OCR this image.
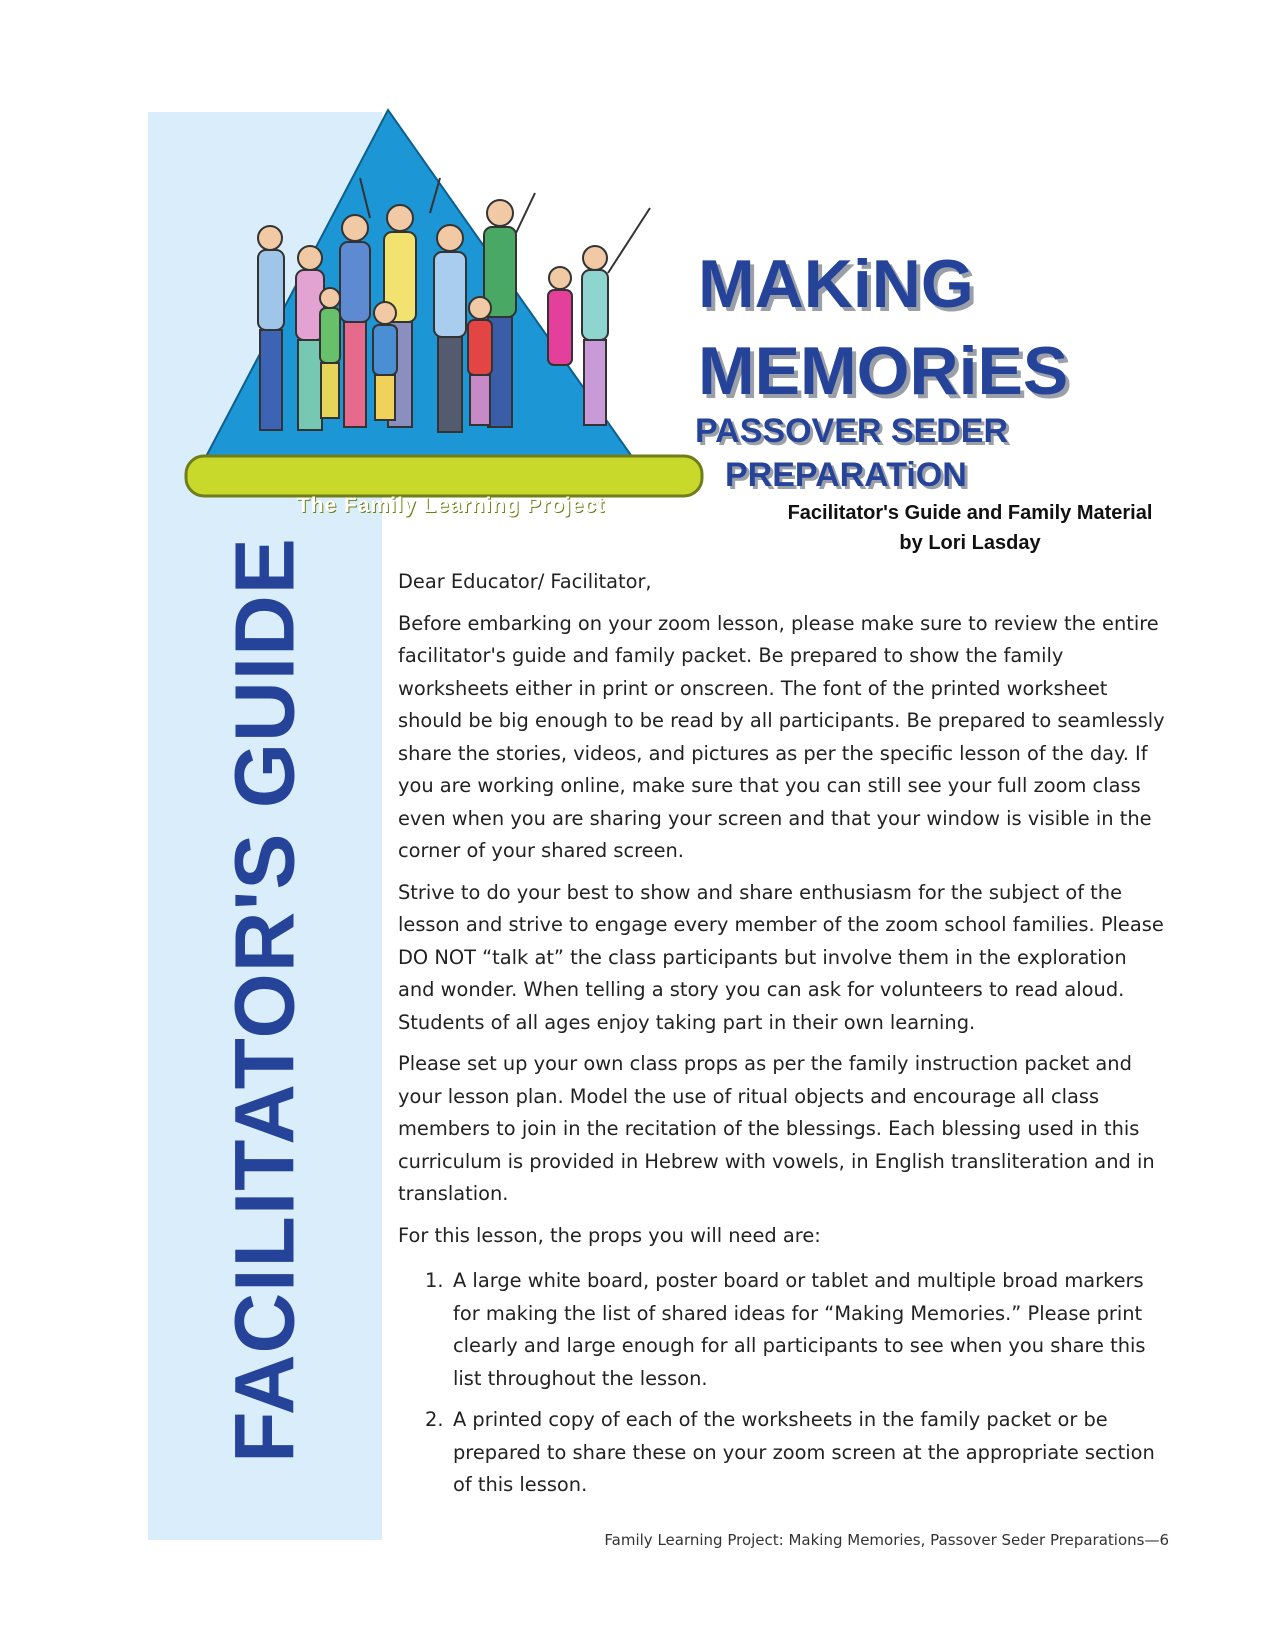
FACILITATOR'S GUIDE
The Family Learning Project
MAKiNG
MEMORiES
PASSOVER SEDER
PREPARATiON
Facilitator's Guide and Family Material
by Lori Lasday

Dear Educator/ Facilitator,

Before embarking on your zoom lesson, please make sure to review the entire facilitator's guide and family packet. Be prepared to show the family worksheets either in print or onscreen. The font of the printed worksheet should be big enough to be read by all participants. Be prepared to seamlessly share the stories, videos, and pictures as per the specific lesson of the day. If you are working online, make sure that you can still see your full zoom class even when you are sharing your screen and that your window is visible in the corner of your shared screen.

Strive to do your best to show and share enthusiasm for the subject of the lesson and strive to engage every member of the zoom school families. Please DO NOT “talk at” the class participants but involve them in the exploration and wonder. When telling a story you can ask for volunteers to read aloud. Students of all ages enjoy taking part in their own learning.

Please set up your own class props as per the family instruction packet and your lesson plan. Model the use of ritual objects and encourage all class members to join in the recitation of the blessings. Each blessing used in this curriculum is provided in Hebrew with vowels, in English transliteration and in translation.

For this lesson, the props you will need are:

1. A large white board, poster board or tablet and multiple broad markers for making the list of shared ideas for “Making Memories.” Please print clearly and large enough for all participants to see when you share this list throughout the lesson.
2. A printed copy of each of the worksheets in the family packet or be prepared to share these on your zoom screen at the appropriate section of this lesson.
Family Learning Project: Making Memories, Passover Seder Preparations—6
